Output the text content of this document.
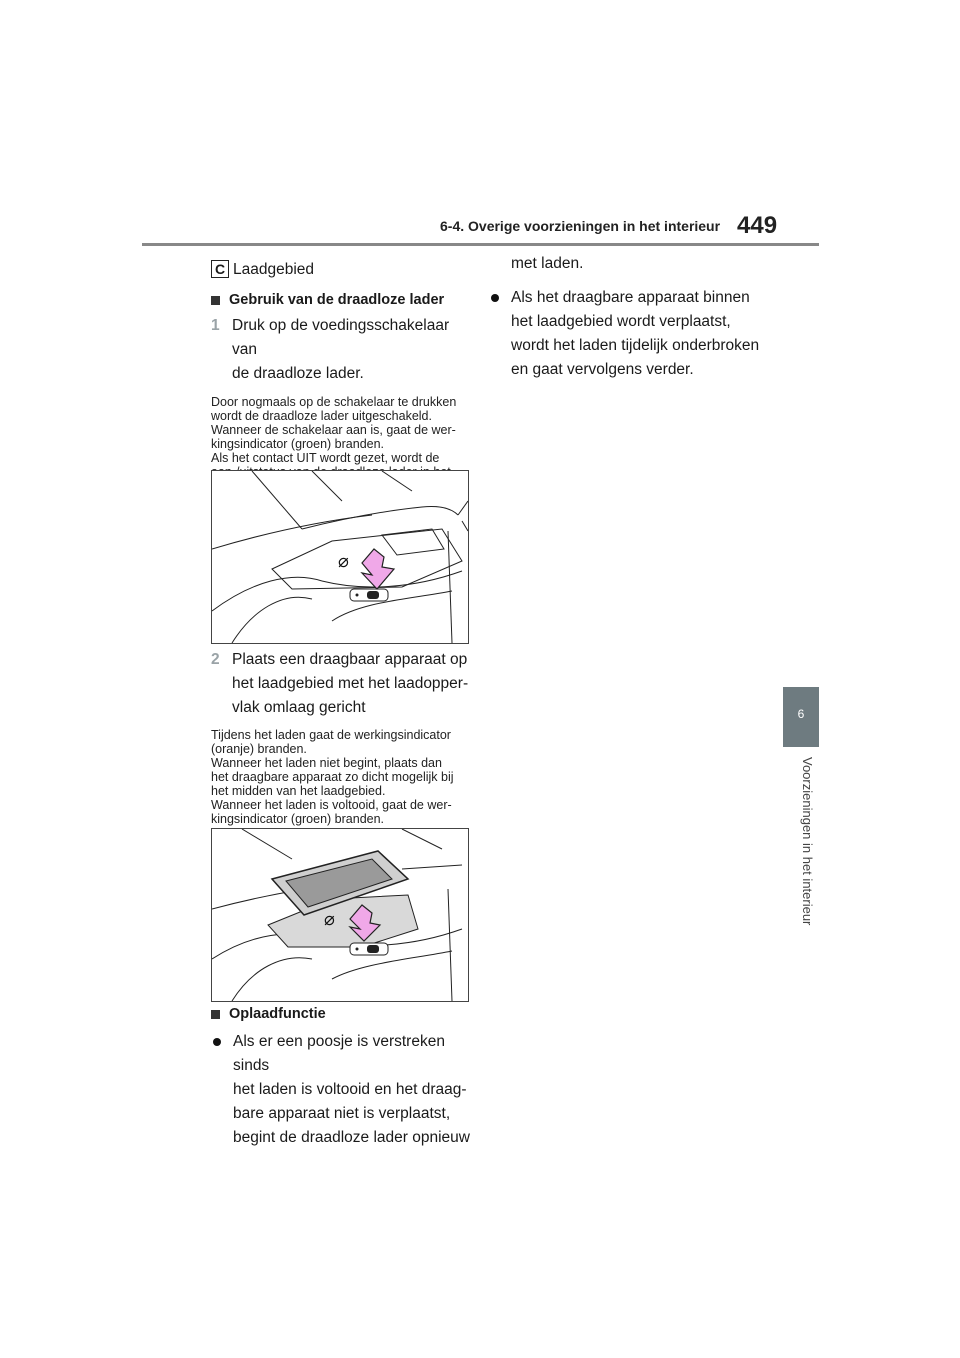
6-4. Overige voorzieningen in het interieur 449
6
Voorzieningen in het interieur
C Laadgebied
Gebruik van de draadloze lader
1 Druk op de voedingsschakelaar van
de draadloze lader.

Door nogmaals op de schakelaar te drukken

wordt de draadloze lader uitgeschakeld.

Wanneer de schakelaar aan is, gaat de wer-

kingsindicator (groen) branden.

Als het contact UIT wordt gezet, wordt de

⌀
2 Plaats een draagbaar apparaat op
het laadgebied met het laadopper-
vlak omlaag gericht

Tijdens het laden gaat de werkingsindicator

(oranje) branden.

Wanneer het laden niet begint, plaats dan

het draagbare apparaat zo dicht mogelijk bij

het midden van het laadgebied.

Wanneer het laden is voltooid, gaat de wer-

kingsindicator (groen) branden.

⌀
Oplaadfunctie
Als er een poosje is verstreken sinds
het laden is voltooid en het draag-
bare apparaat niet is verplaatst,
begint de draadloze lader opnieuw
met laden.
Als het draagbare apparaat binnen
het laadgebied wordt verplaatst,
wordt het laden tijdelijk onderbroken
en gaat vervolgens verder.
